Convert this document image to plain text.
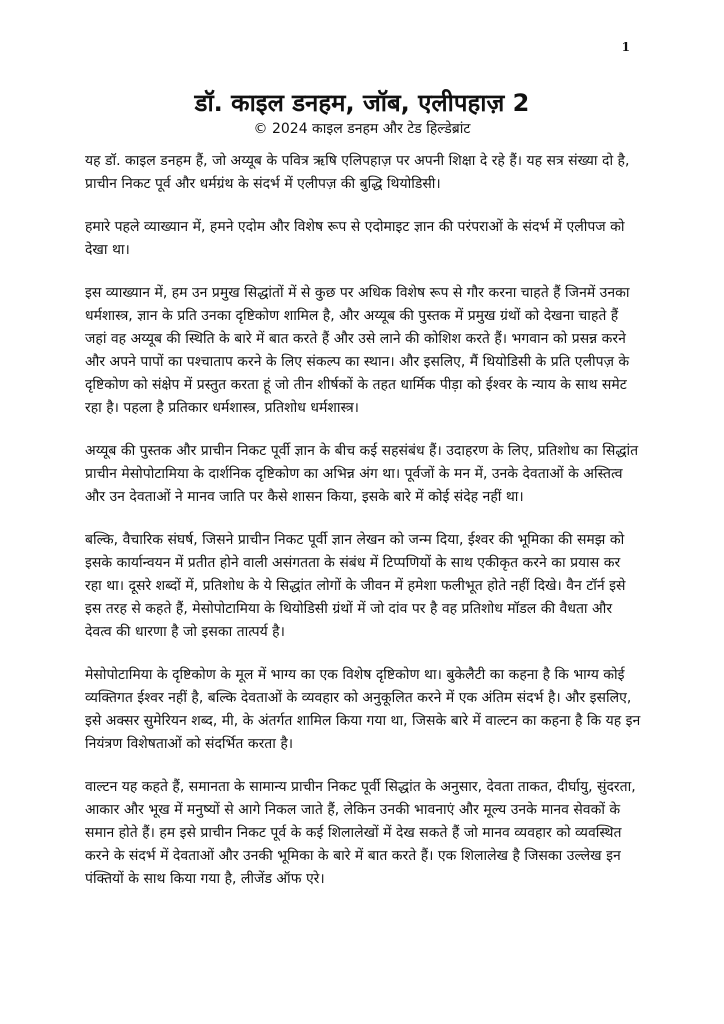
1
डॉ. काइल डनहम, जॉब, एलीपहाज़ 2

© 2024 काइल डनहम और टेड हिल्डेब्रांट

यह डॉ. काइल डनहम हैं, जो अय्यूब के पवित्र ऋषि एलिपहाज़ पर अपनी शिक्षा दे रहे हैं। यह सत्र संख्या दो है, प्राचीन निकट पूर्व और धर्मग्रंथ के संदर्भ में एलीपज़ की बुद्धि थियोडिसी।

हमारे पहले व्याख्यान में, हमने एदोम और विशेष रूप से एदोमाइट ज्ञान की परंपराओं के संदर्भ में एलीपज को देखा था।

इस व्याख्यान में, हम उन प्रमुख सिद्धांतों में से कुछ पर अधिक विशेष रूप से गौर करना चाहते हैं जिनमें उनका धर्मशास्त्र, ज्ञान के प्रति उनका दृष्टिकोण शामिल है, और अय्यूब की पुस्तक में प्रमुख ग्रंथों को देखना चाहते हैं जहां वह अय्यूब की स्थिति के बारे में बात करते हैं और उसे लाने की कोशिश करते हैं। भगवान को प्रसन्न करने और अपने पापों का पश्चाताप करने के लिए संकल्प का स्थान। और इसलिए, मैं थियोडिसी के प्रति एलीपज़ के दृष्टिकोण को संक्षेप में प्रस्तुत करता हूं जो तीन शीर्षकों के तहत धार्मिक पीड़ा को ईश्वर के न्याय के साथ समेट रहा है। पहला है प्रतिकार धर्मशास्त्र, प्रतिशोध धर्मशास्त्र।

अय्यूब की पुस्तक और प्राचीन निकट पूर्वी ज्ञान के बीच कई सहसंबंध हैं। उदाहरण के लिए, प्रतिशोध का सिद्धांत प्राचीन मेसोपोटामिया के दार्शनिक दृष्टिकोण का अभिन्न अंग था। पूर्वजों के मन में, उनके देवताओं के अस्तित्व और उन देवताओं ने मानव जाति पर कैसे शासन किया, इसके बारे में कोई संदेह नहीं था।

बल्कि, वैचारिक संघर्ष, जिसने प्राचीन निकट पूर्वी ज्ञान लेखन को जन्म दिया, ईश्वर की भूमिका की समझ को इसके कार्यान्वयन में प्रतीत होने वाली असंगतता के संबंध में टिप्पणियों के साथ एकीकृत करने का प्रयास कर रहा था। दूसरे शब्दों में, प्रतिशोध के ये सिद्धांत लोगों के जीवन में हमेशा फलीभूत होते नहीं दिखे। वैन टॉर्न इसे इस तरह से कहते हैं, मेसोपोटामिया के थियोडिसी ग्रंथों में जो दांव पर है वह प्रतिशोध मॉडल की वैधता और देवत्व की धारणा है जो इसका तात्पर्य है।

मेसोपोटामिया के दृष्टिकोण के मूल में भाग्य का एक विशेष दृष्टिकोण था। बुकेलैटी का कहना है कि भाग्य कोई व्यक्तिगत ईश्वर नहीं है, बल्कि देवताओं के व्यवहार को अनुकूलित करने में एक अंतिम संदर्भ है। और इसलिए, इसे अक्सर सुमेरियन शब्द, मी, के अंतर्गत शामिल किया गया था, जिसके बारे में वाल्टन का कहना है कि यह इन नियंत्रण विशेषताओं को संदर्भित करता है।

वाल्टन यह कहते हैं, समानता के सामान्य प्राचीन निकट पूर्वी सिद्धांत के अनुसार, देवता ताकत, दीर्घायु, सुंदरता, आकार और भूख में मनुष्यों से आगे निकल जाते हैं, लेकिन उनकी भावनाएं और मूल्य उनके मानव सेवकों के समान होते हैं। हम इसे प्राचीन निकट पूर्व के कई शिलालेखों में देख सकते हैं जो मानव व्यवहार को व्यवस्थित करने के संदर्भ में देवताओं और उनकी भूमिका के बारे में बात करते हैं। एक शिलालेख है जिसका उल्लेख इन पंक्तियों के साथ किया गया है, लीजेंड ऑफ एरे।
